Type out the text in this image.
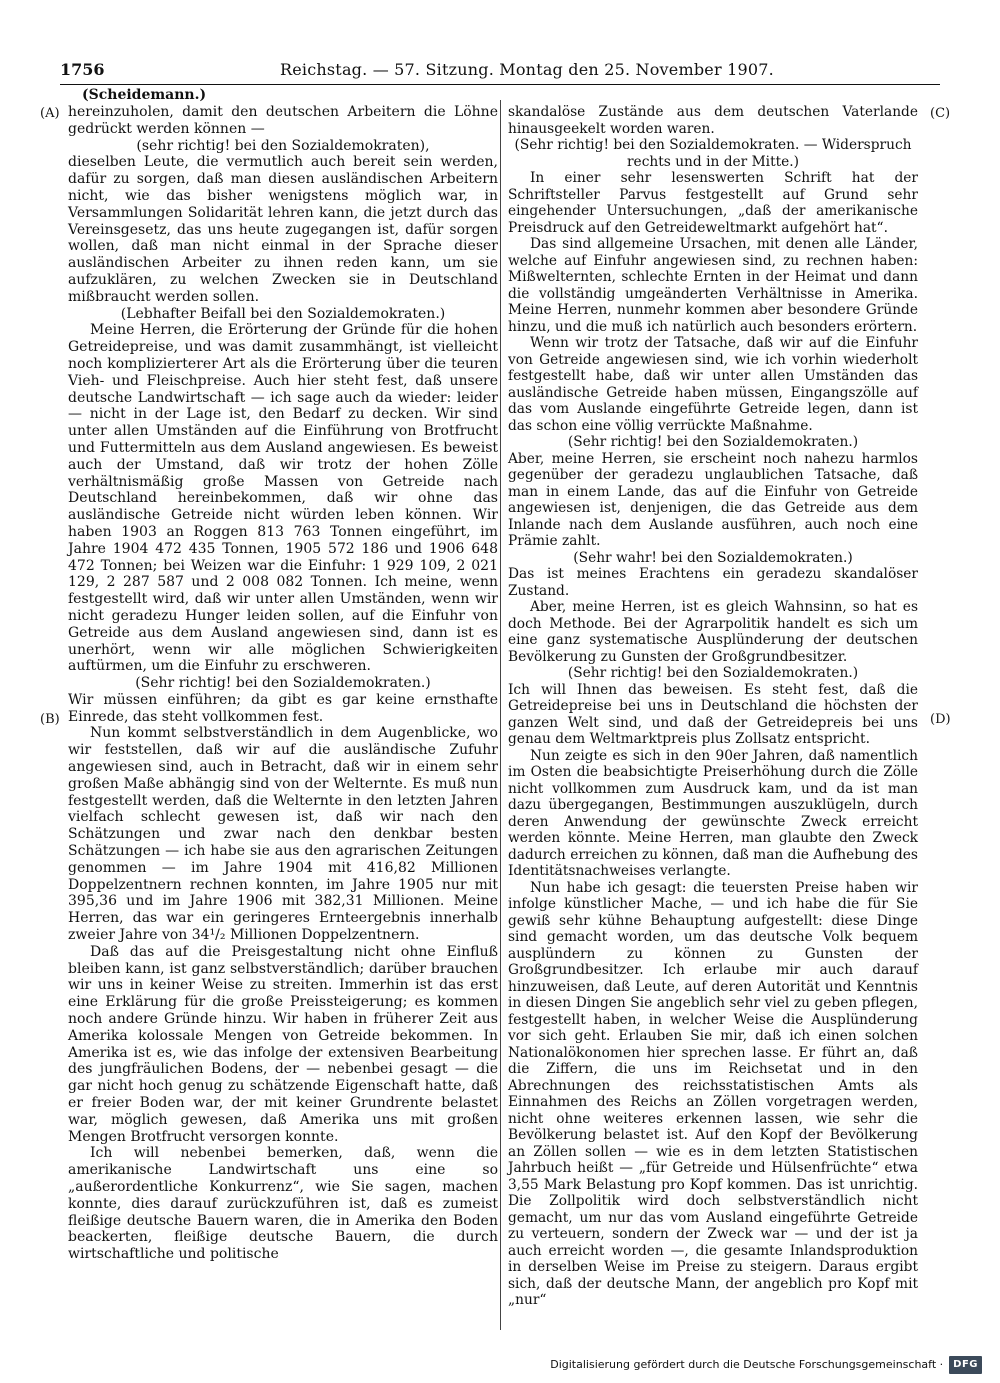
1756	Reichstag. — 57. Sitzung. Montag den 25. November 1907.
(Scheidemann.)
(A)
(B)
(C)
(D)

hereinzuholen, damit den deutschen Arbeitern die Löhne gedrückt werden können —

(sehr richtig! bei den Sozialdemokraten),

dieselben Leute, die vermutlich auch bereit sein werden, dafür zu sorgen, daß man diesen ausländischen Arbeitern nicht, wie das bisher wenigstens möglich war, in Versammlungen Solidarität lehren kann, die jetzt durch das Vereinsgesetz, das uns heute zugegangen ist, dafür sorgen wollen, daß man nicht einmal in der Sprache dieser ausländischen Arbeiter zu ihnen reden kann, um sie aufzuklären, zu welchen Zwecken sie in Deutschland mißbraucht werden sollen.

(Lebhafter Beifall bei den Sozialdemokraten.)

Meine Herren, die Erörterung der Gründe für die hohen Getreidepreise, und was damit zusammhängt, ist vielleicht noch komplizierterer Art als die Erörterung über die teuren Vieh- und Fleischpreise. Auch hier steht fest, daß unsere deutsche Landwirtschaft — ich sage auch da wieder: leider — nicht in der Lage ist, den Bedarf zu decken. Wir sind unter allen Umständen auf die Einführung von Brotfrucht und Futtermitteln aus dem Ausland angewiesen. Es beweist auch der Umstand, daß wir trotz der hohen Zölle verhältnismäßig große Massen von Getreide nach Deutschland hereinbekommen, daß wir ohne das ausländische Getreide nicht würden leben können. Wir haben 1903 an Roggen 813 763 Tonnen eingeführt, im Jahre 1904 472 435 Tonnen, 1905 572 186 und 1906 648 472 Tonnen; bei Weizen war die Einfuhr: 1 929 109, 2 021 129, 2 287 587 und 2 008 082 Tonnen. Ich meine, wenn festgestellt wird, daß wir unter allen Umständen, wenn wir nicht geradezu Hunger leiden sollen, auf die Einfuhr von Getreide aus dem Ausland angewiesen sind, dann ist es unerhört, wenn wir alle möglichen Schwierigkeiten auftürmen, um die Einfuhr zu erschweren.

(Sehr richtig! bei den Sozialdemokraten.)

Wir müssen einführen; da gibt es gar keine ernsthafte Einrede, das steht vollkommen fest.

Nun kommt selbstverständlich in dem Augenblicke, wo wir feststellen, daß wir auf die ausländische Zufuhr angewiesen sind, auch in Betracht, daß wir in einem sehr großen Maße abhängig sind von der Welternte. Es muß nun festgestellt werden, daß die Welternte in den letzten Jahren vielfach schlecht gewesen ist, daß wir nach den Schätzungen und zwar nach den denkbar besten Schätzungen — ich habe sie aus den agrarischen Zeitungen genommen — im Jahre 1904 mit 416,82 Millionen Doppelzentnern rechnen konnten, im Jahre 1905 nur mit 395,36 und im Jahre 1906 mit 382,31 Millionen. Meine Herren, das war ein geringeres Ernteergebnis innerhalb zweier Jahre von 34¹/₂ Millionen Doppelzentnern.

Daß das auf die Preisgestaltung nicht ohne Einfluß bleiben kann, ist ganz selbstverständlich; darüber brauchen wir uns in keiner Weise zu streiten. Immerhin ist das erst eine Erklärung für die große Preissteigerung; es kommen noch andere Gründe hinzu. Wir haben in früherer Zeit aus Amerika kolossale Mengen von Getreide bekommen. In Amerika ist es, wie das infolge der extensiven Bearbeitung des jungfräulichen Bodens, der — nebenbei gesagt — die gar nicht hoch genug zu schätzende Eigenschaft hatte, daß er freier Boden war, der mit keiner Grundrente belastet war, möglich gewesen, daß Amerika uns mit großen Mengen Brotfrucht versorgen konnte.

Ich will nebenbei bemerken, daß, wenn die amerikanische Landwirtschaft uns eine so „außerordentliche Konkurrenz“, wie Sie sagen, machen konnte, dies darauf zurückzuführen ist, daß es zumeist fleißige deutsche Bauern waren, die in Amerika den Boden beackerten, fleißige deutsche Bauern, die durch wirtschaftliche und politische

skandalöse Zustände aus dem deutschen Vaterlande hinausgeekelt worden waren.

(Sehr richtig! bei den Sozialdemokraten. — Widerspruch rechts und in der Mitte.)

In einer sehr lesenswerten Schrift hat der Schriftsteller Parvus festgestellt auf Grund sehr eingehender Untersuchungen, „daß der amerikanische Preisdruck auf den Getreideweltmarkt aufgehört hat“.

Das sind allgemeine Ursachen, mit denen alle Länder, welche auf Einfuhr angewiesen sind, zu rechnen haben: Mißwelternten, schlechte Ernten in der Heimat und dann die vollständig umgeänderten Verhältnisse in Amerika. Meine Herren, nunmehr kommen aber besondere Gründe hinzu, und die muß ich natürlich auch besonders erörtern.

Wenn wir trotz der Tatsache, daß wir auf die Einfuhr von Getreide angewiesen sind, wie ich vorhin wiederholt festgestellt habe, daß wir unter allen Umständen das ausländische Getreide haben müssen, Eingangszölle auf das vom Auslande eingeführte Getreide legen, dann ist das schon eine völlig verrückte Maßnahme.

(Sehr richtig! bei den Sozialdemokraten.)

Aber, meine Herren, sie erscheint noch nahezu harmlos gegenüber der geradezu unglaublichen Tatsache, daß man in einem Lande, das auf die Einfuhr von Getreide angewiesen ist, denjenigen, die das Getreide aus dem Inlande nach dem Auslande ausführen, auch noch eine Prämie zahlt.

(Sehr wahr! bei den Sozialdemokraten.)

Das ist meines Erachtens ein geradezu skandalöser Zustand.

Aber, meine Herren, ist es gleich Wahnsinn, so hat es doch Methode. Bei der Agrarpolitik handelt es sich um eine ganz systematische Ausplünderung der deutschen Bevölkerung zu Gunsten der Großgrundbesitzer.

(Sehr richtig! bei den Sozialdemokraten.)

Ich will Ihnen das beweisen. Es steht fest, daß die Getreidepreise bei uns in Deutschland die höchsten der ganzen Welt sind, und daß der Getreidepreis bei uns genau dem Weltmarktpreis plus Zollsatz entspricht.

Nun zeigte es sich in den 90er Jahren, daß namentlich im Osten die beabsichtigte Preiserhöhung durch die Zölle nicht vollkommen zum Ausdruck kam, und da ist man dazu übergegangen, Bestimmungen auszuklügeln, durch deren Anwendung der gewünschte Zweck erreicht werden könnte. Meine Herren, man glaubte den Zweck dadurch erreichen zu können, daß man die Aufhebung des Identitätsnachweises verlangte.

Nun habe ich gesagt: die teuersten Preise haben wir infolge künstlicher Mache, — und ich habe die für Sie gewiß sehr kühne Behauptung aufgestellt: diese Dinge sind gemacht worden, um das deutsche Volk bequem ausplündern zu können zu Gunsten der Großgrundbesitzer. Ich erlaube mir auch darauf hinzuweisen, daß Leute, auf deren Autorität und Kenntnis in diesen Dingen Sie angeblich sehr viel zu geben pflegen, festgestellt haben, in welcher Weise die Ausplünderung vor sich geht. Erlauben Sie mir, daß ich einen solchen Nationalökonomen hier sprechen lasse. Er führt an, daß die Ziffern, die uns im Reichsetat und in den Abrechnungen des reichsstatistischen Amts als Einnahmen des Reichs an Zöllen vorgetragen werden, nicht ohne weiteres erkennen lassen, wie sehr die Bevölkerung belastet ist. Auf den Kopf der Bevölkerung an Zöllen sollen — wie es in dem letzten Statistischen Jahrbuch heißt — „für Getreide und Hülsenfrüchte“ etwa 3,55 Mark Belastung pro Kopf kommen. Das ist unrichtig. Die Zollpolitik wird doch selbstverständlich nicht gemacht, um nur das vom Ausland eingeführte Getreide zu verteuern, sondern der Zweck war — und der ist ja auch erreicht worden —, die gesamte Inlandsproduktion in derselben Weise im Preise zu steigern. Daraus ergibt sich, daß der deutsche Mann, der angeblich pro Kopf mit „nur“

Digitalisierung gefördert durch die Deutsche Forschungsgemeinschaft ·	DFG
